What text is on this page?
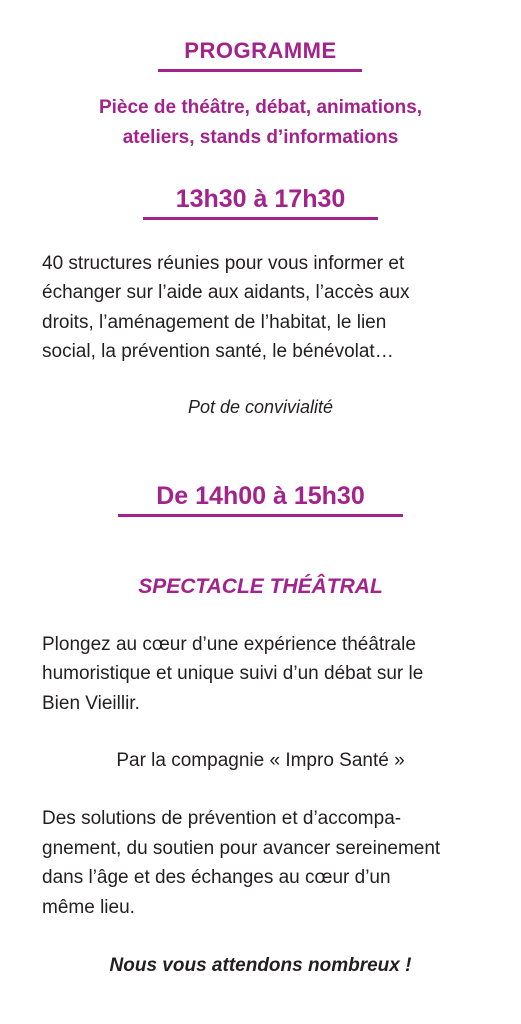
PROGRAMME

Pièce de théâtre, débat, animations,

ateliers, stands d’informations

13h30 à 17h30

40 structures réunies pour vous informer et

échanger sur l’aide aux aidants, l’accès aux

droits, l’aménagement de l’habitat, le lien

social, la prévention santé, le bénévolat…

Pot de convivialité

De 14h00 à 15h30

SPECTACLE THÉÂTRAL

Plongez au cœur d’une expérience théâtrale

humoristique et unique suivi d’un débat sur le

Bien Vieillir.

Par la compagnie « Impro Santé »

Des solutions de prévention et d’accompa-

gnement, du soutien pour avancer sereinement

dans l’âge et des échanges au cœur d’un

même lieu.

Nous vous attendons nombreux !
